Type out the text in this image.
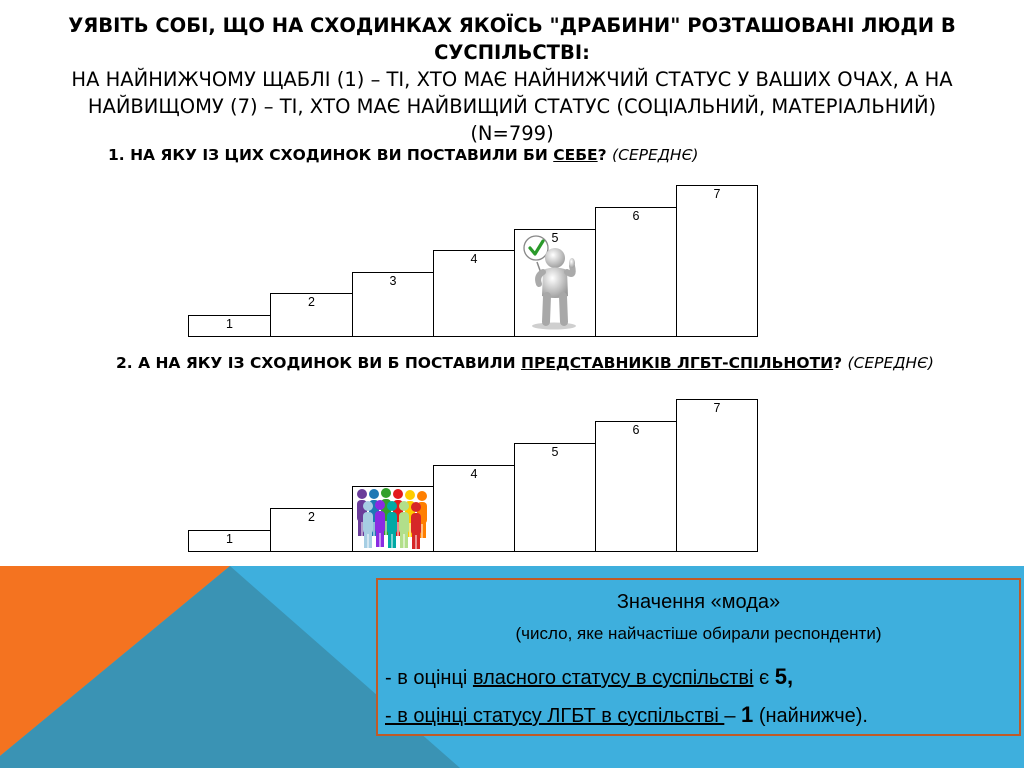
УЯВІТЬ СОБІ, ЩО НА СХОДИНКАХ ЯКОЇСЬ "ДРАБИНИ" РОЗТАШОВАНІ ЛЮДИ В СУСПІЛЬСТВІ:
НА НАЙНИЖЧОМУ ЩАБЛІ (1) – ТІ, ХТО МАЄ НАЙНИЖЧИЙ СТАТУС У ВАШИХ ОЧАХ, А НА
НАЙВИЩОМУ (7) – ТІ, ХТО МАЄ НАЙВИЩИЙ СТАТУС (СОЦІАЛЬНИЙ, МАТЕРІАЛЬНИЙ)
(N=799)
1. НА ЯКУ ІЗ ЦИХ СХОДИНОК ВИ ПОСТАВИЛИ БИ СЕБЕ? (СЕРЕДНЄ)
1
2
3
4
5
6
7
2. А НА ЯКУ ІЗ СХОДИНОК ВИ Б ПОСТАВИЛИ ПРЕДСТАВНИКІВ ЛГБТ-СПІЛЬНОТИ? (СЕРЕДНЄ)
1
2
4
5
6
7
Значення «мода»
(число, яке найчастіше обирали респонденти)
- в оцінці власного статусу в суспільстві є 5,
- в оцінці статусу ЛГБТ в суспільстві – 1 (найнижче).
